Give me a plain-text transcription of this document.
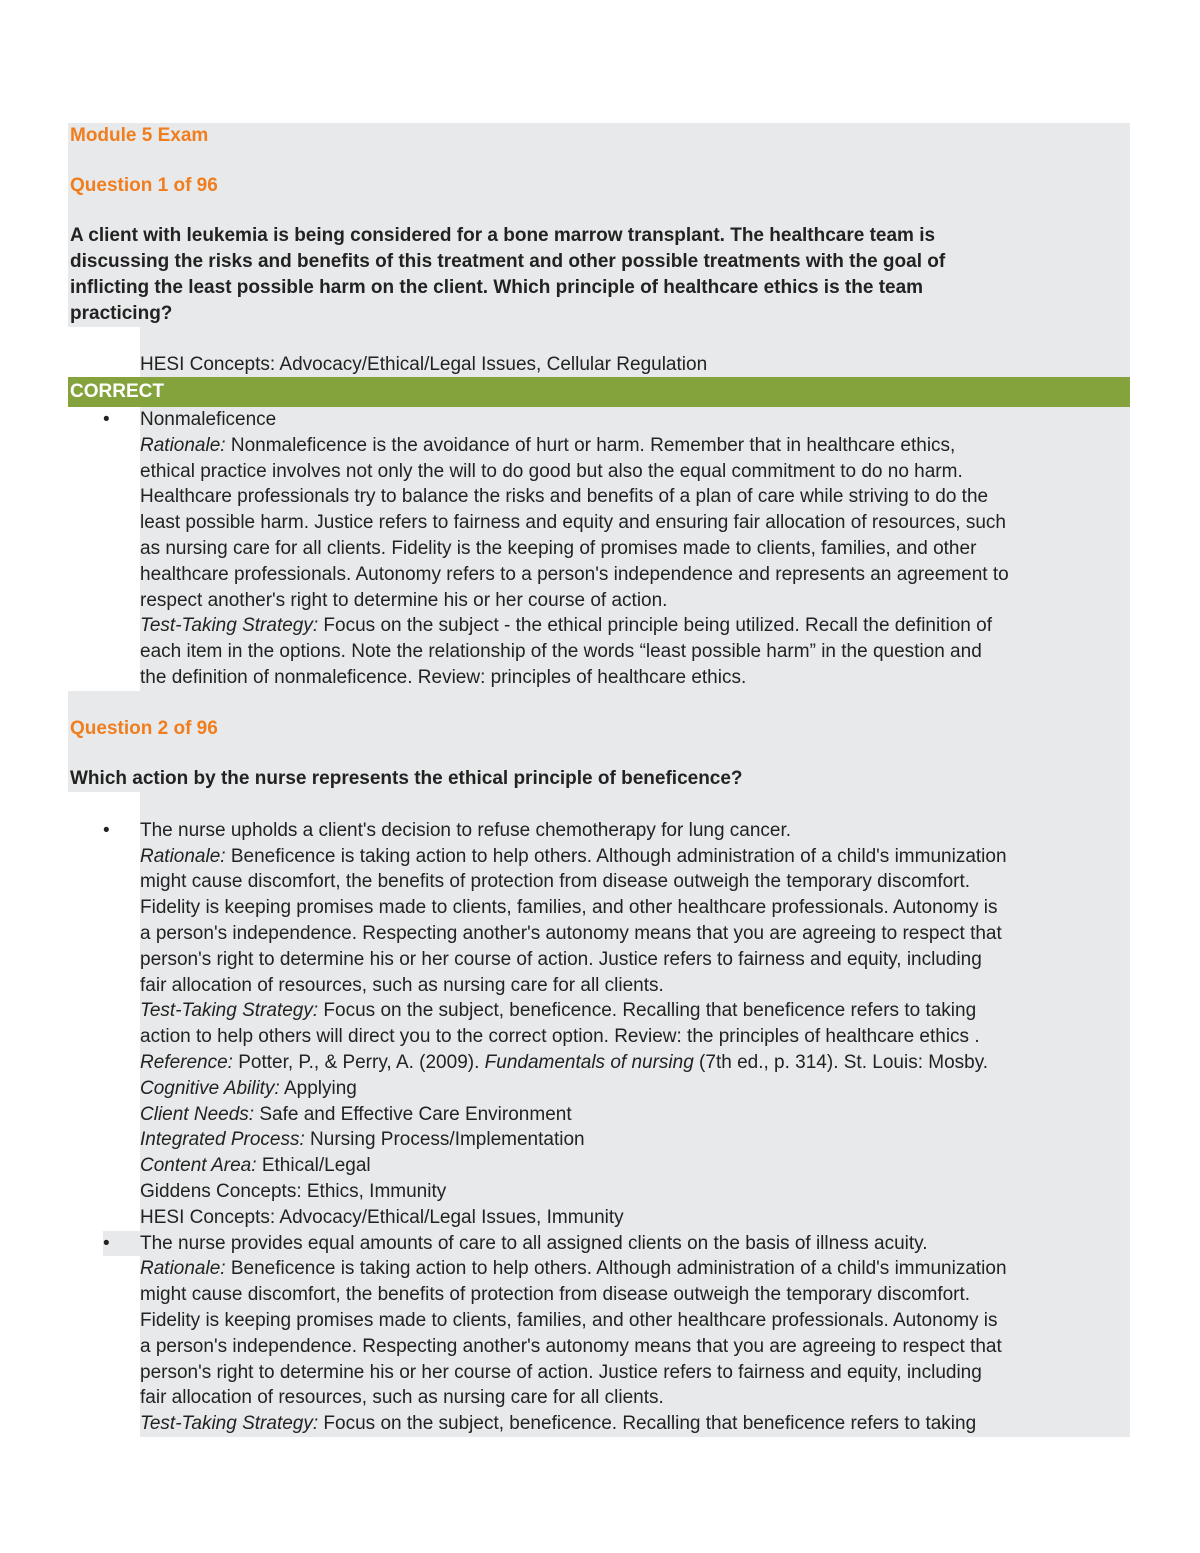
Module 5 Exam

Question 1 of 96

A client with leukemia is being considered for a bone marrow transplant. The healthcare team is

discussing the risks and benefits of this treatment and other possible treatments with the goal of

inflicting the least possible harm on the client. Which principle of healthcare ethics is the team

practicing?

HESI Concepts: Advocacy/Ethical/Legal Issues, Cellular Regulation
CORRECT
•	Nonmaleficence
Rationale: Nonmaleficence is the avoidance of hurt or harm. Remember that in healthcare ethics,
ethical practice involves not only the will to do good but also the equal commitment to do no harm.
Healthcare professionals try to balance the risks and benefits of a plan of care while striving to do the
least possible harm. Justice refers to fairness and equity and ensuring fair allocation of resources, such
as nursing care for all clients. Fidelity is the keeping of promises made to clients, families, and other
healthcare professionals. Autonomy refers to a person's independence and represents an agreement to
respect another's right to determine his or her course of action.
Test-Taking Strategy: Focus on the subject - the ethical principle being utilized. Recall the definition of
each item in the options. Note the relationship of the words “least possible harm” in the question and
the definition of nonmaleficence. Review: principles of healthcare ethics.

Question 2 of 96

Which action by the nurse represents the ethical principle of beneficence?

•	The nurse upholds a client's decision to refuse chemotherapy for lung cancer.
Rationale: Beneficence is taking action to help others. Although administration of a child's immunization
might cause discomfort, the benefits of protection from disease outweigh the temporary discomfort.
Fidelity is keeping promises made to clients, families, and other healthcare professionals. Autonomy is
a person's independence. Respecting another's autonomy means that you are agreeing to respect that
person's right to determine his or her course of action. Justice refers to fairness and equity, including
fair allocation of resources, such as nursing care for all clients.
Test-Taking Strategy: Focus on the subject, beneficence. Recalling that beneficence refers to taking
action to help others will direct you to the correct option. Review: the principles of healthcare ethics .
Reference: Potter, P., & Perry, A. (2009). Fundamentals of nursing (7th ed., p. 314). St. Louis: Mosby.
Cognitive Ability: Applying
Client Needs: Safe and Effective Care Environment
Integrated Process: Nursing Process/Implementation
Content Area: Ethical/Legal
Giddens Concepts: Ethics, Immunity
HESI Concepts: Advocacy/Ethical/Legal Issues, Immunity
•	The nurse provides equal amounts of care to all assigned clients on the basis of illness acuity.
Rationale: Beneficence is taking action to help others. Although administration of a child's immunization
might cause discomfort, the benefits of protection from disease outweigh the temporary discomfort.
Fidelity is keeping promises made to clients, families, and other healthcare professionals. Autonomy is
a person's independence. Respecting another's autonomy means that you are agreeing to respect that
person's right to determine his or her course of action. Justice refers to fairness and equity, including
fair allocation of resources, such as nursing care for all clients.
Test-Taking Strategy: Focus on the subject, beneficence. Recalling that beneficence refers to taking
